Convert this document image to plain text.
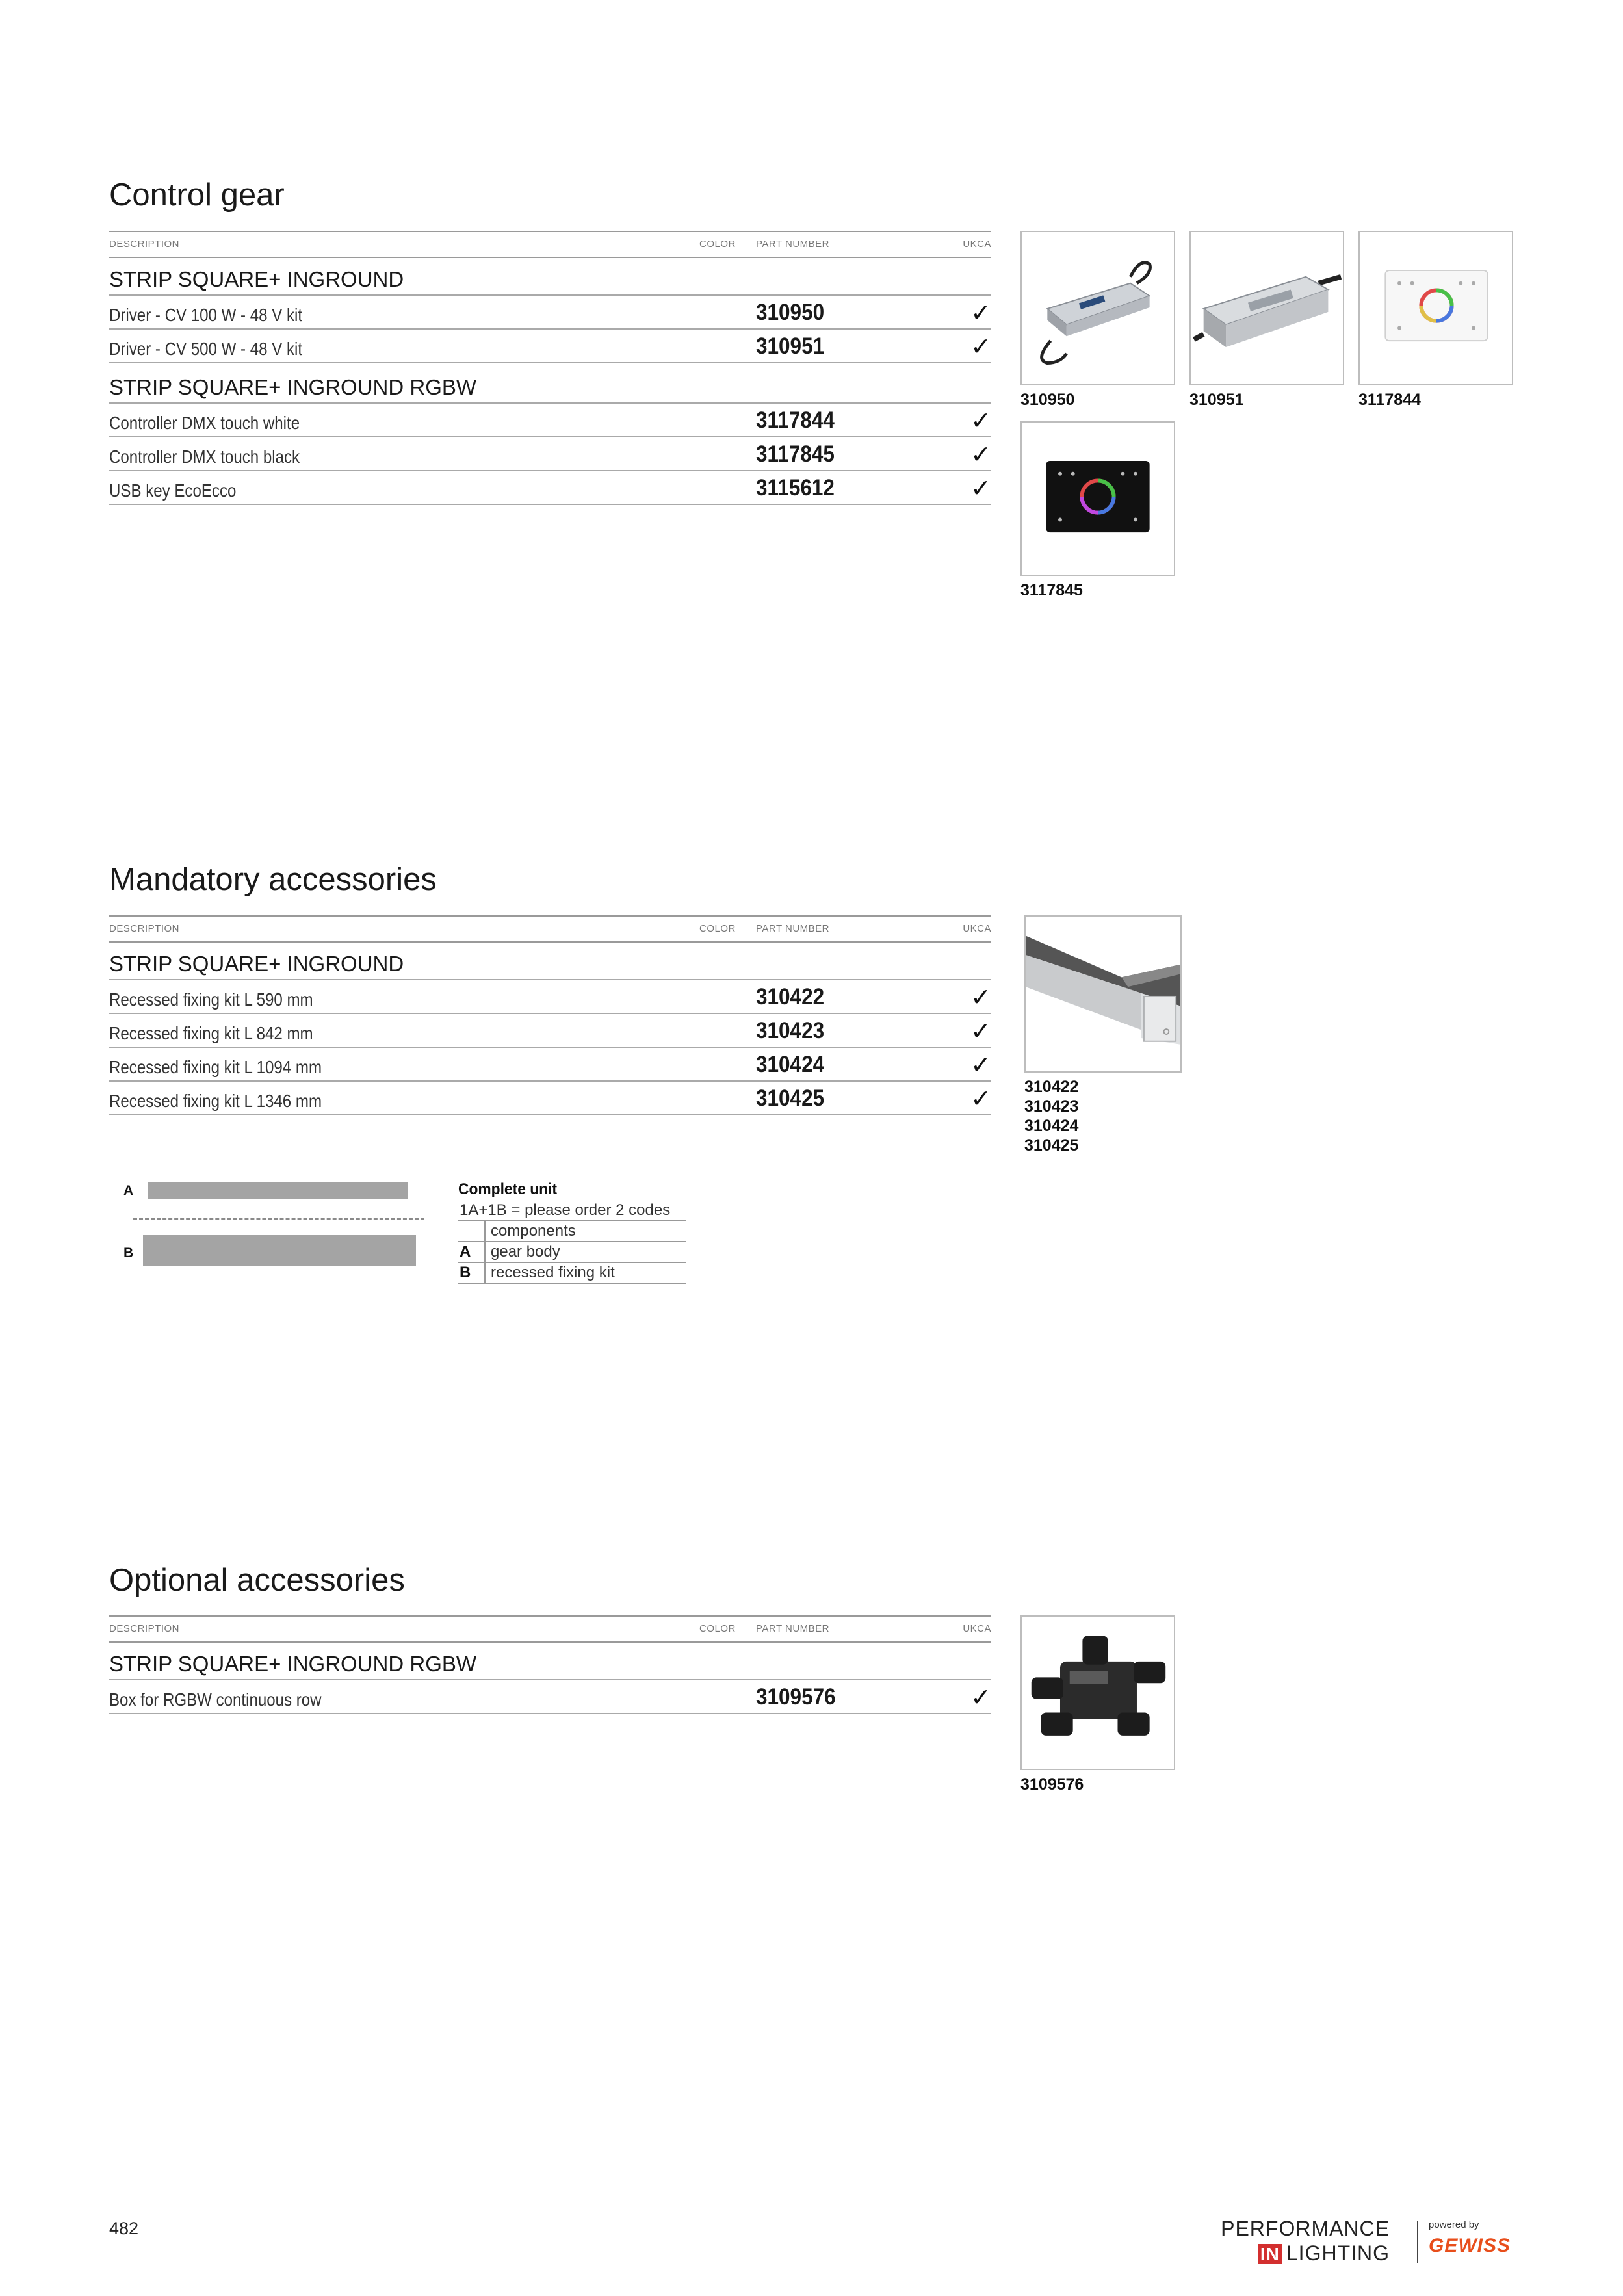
Control gear
DESCRIPTION	COLOR PART NUMBER	UKCA
STRIP SQUARE+ INGROUND
Driver - CV 100 W - 48 V kit	310950	✓
Driver - CV 500 W - 48 V kit	310951	✓
STRIP SQUARE+ INGROUND RGBW
Controller DMX touch white	3117844	✓
Controller DMX touch black	3117845	✓
USB key EcoEcco	3115612	✓
310950	310951	3117844
3117845
Mandatory accessories
DESCRIPTION	COLOR PART NUMBER	UKCA
STRIP SQUARE+ INGROUND
Recessed fixing kit L 590 mm	310422	✓
Recessed fixing kit L 842 mm	310423	✓
Recessed fixing kit L 1094 mm	310424	✓
Recessed fixing kit L 1346 mm	310425	✓ 310422
310423
310424
310425
A
B
Complete unit
1A+1B = please order 2 codes
components
A	gear body
B	recessed fixing kit
Optional accessories
DESCRIPTION	COLOR PART NUMBER	UKCA
STRIP SQUARE+ INGROUND RGBW
Box for RGBW continuous row	3109576	✓
3109576
482	PERFORMANCE
IN LIGHTING
powered by
GEWISS
